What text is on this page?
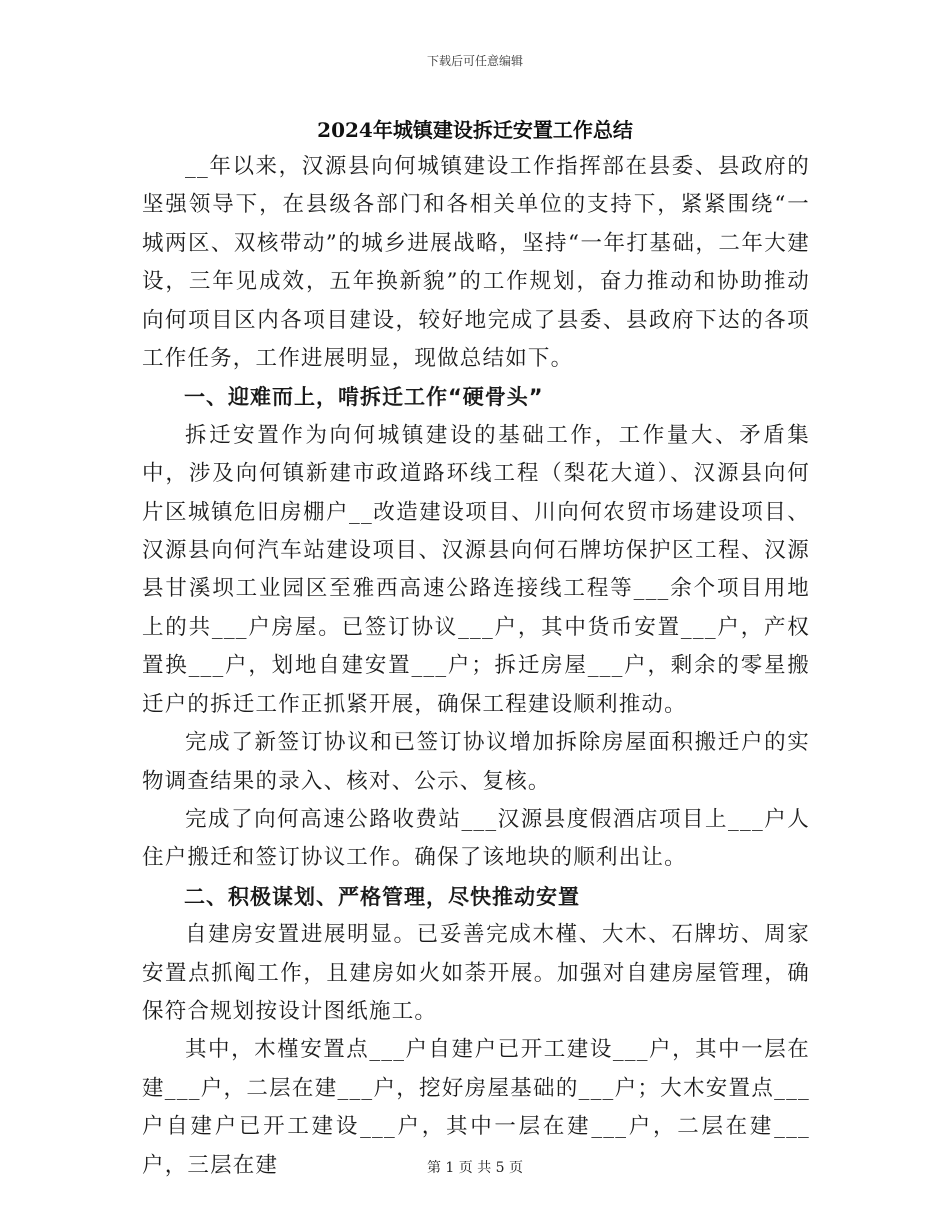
下载后可任意编辑
2024年城镇建设拆迁安置工作总结

__年以来，汉源县向何城镇建设工作指挥部在县委、县政府的坚强领导下，在县级各部门和各相关单位的支持下，紧紧围绕“一城两区、双核带动”的城乡进展战略，坚持“一年打基础，二年大建设，三年见成效，五年换新貌”的工作规划，奋力推动和协助推动向何项目区内各项目建设，较好地完成了县委、县政府下达的各项工作任务，工作进展明显，现做总结如下。

一、迎难而上，啃拆迁工作“硬骨头”

拆迁安置作为向何城镇建设的基础工作，工作量大、矛盾集中，涉及向何镇新建市政道路环线工程（梨花大道）、汉源县向何片区城镇危旧房棚户__改造建设项目、川向何农贸市场建设项目、汉源县向何汽车站建设项目、汉源县向何石牌坊保护区工程、汉源县甘溪坝工业园区至雅西高速公路连接线工程等___余个项目用地上的共___户房屋。已签订协议___户，其中货币安置___户，产权置换___户，划地自建安置___户；拆迁房屋___户，剩余的零星搬迁户的拆迁工作正抓紧开展，确保工程建设顺利推动。

完成了新签订协议和已签订协议增加拆除房屋面积搬迁户的实物调查结果的录入、核对、公示、复核。

完成了向何高速公路收费站___汉源县度假酒店项目上___户人住户搬迁和签订协议工作。确保了该地块的顺利出让。

二、积极谋划、严格管理，尽快推动安置

自建房安置进展明显。已妥善完成木槿、大木、石牌坊、周家安置点抓阄工作，且建房如火如荼开展。加强对自建房屋管理，确保符合规划按设计图纸施工。

其中，木槿安置点___户自建户已开工建设___户，其中一层在建___户，二层在建___户，挖好房屋基础的___户；大木安置点___户自建户已开工建设___户，其中一层在建___户，二层在建___户，三层在建	第 1 页 共 5 页
